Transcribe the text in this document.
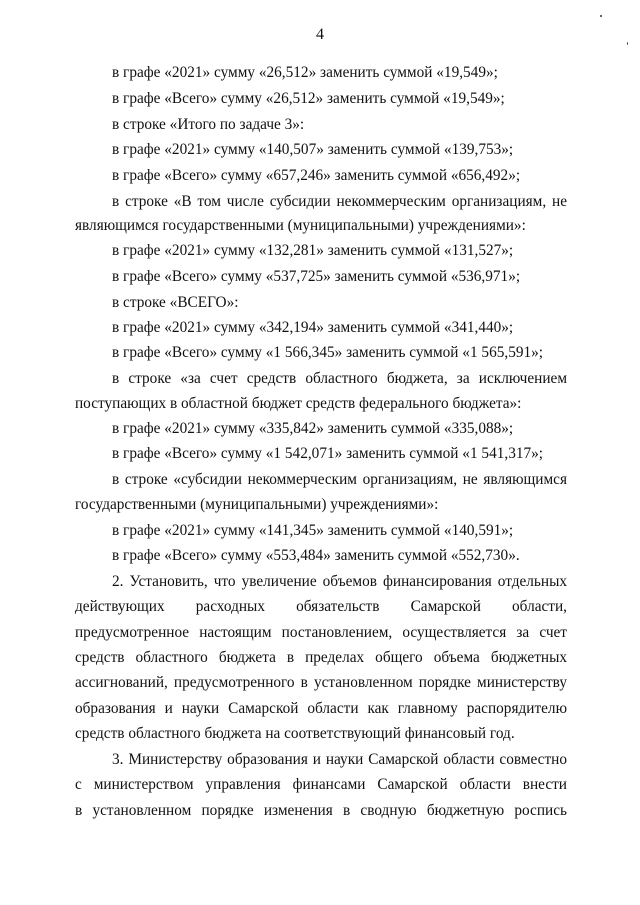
4
в графе «2021» сумму «26,512» заменить суммой «19,549»;
в графе «Всего» сумму «26,512» заменить суммой «19,549»;
в строке «Итого по задаче 3»:
в графе «2021» сумму «140,507» заменить суммой «139,753»;
в графе «Всего» сумму «657,246» заменить суммой «656,492»;
в строке «В том числе субсидии некоммерческим организациям, не
являющимся государственными (муниципальными) учреждениями»:
в графе «2021» сумму «132,281» заменить суммой «131,527»;
в графе «Всего» сумму «537,725» заменить суммой «536,971»;
в строке «ВСЕГО»:
в графе «2021» сумму «342,194» заменить суммой «341,440»;
в графе «Всего» сумму «1 566,345» заменить суммой «1 565,591»;
в строке «за счет средств областного бюджета, за исключением
поступающих в областной бюджет средств федерального бюджета»:
в графе «2021» сумму «335,842» заменить суммой «335,088»;
в графе «Всего» сумму «1 542,071» заменить суммой «1 541,317»;
в строке «субсидии некоммерческим организациям, не являющимся
государственными (муниципальными) учреждениями»:
в графе «2021» сумму «141,345» заменить суммой «140,591»;
в графе «Всего» сумму «553,484» заменить суммой «552,730».
2. Установить, что увеличение объемов финансирования отдельных
действующих расходных обязательств Самарской области,
предусмотренное настоящим постановлением, осуществляется за счет
средств областного бюджета в пределах общего объема бюджетных
ассигнований, предусмотренного в установленном порядке министерству
образования и науки Самарской области как главному распорядителю
средств областного бюджета на соответствующий финансовый год.
3. Министерству образования и науки Самарской области совместно
с министерством управления финансами Самарской области внести
в установленном порядке изменения в сводную бюджетную роспись
